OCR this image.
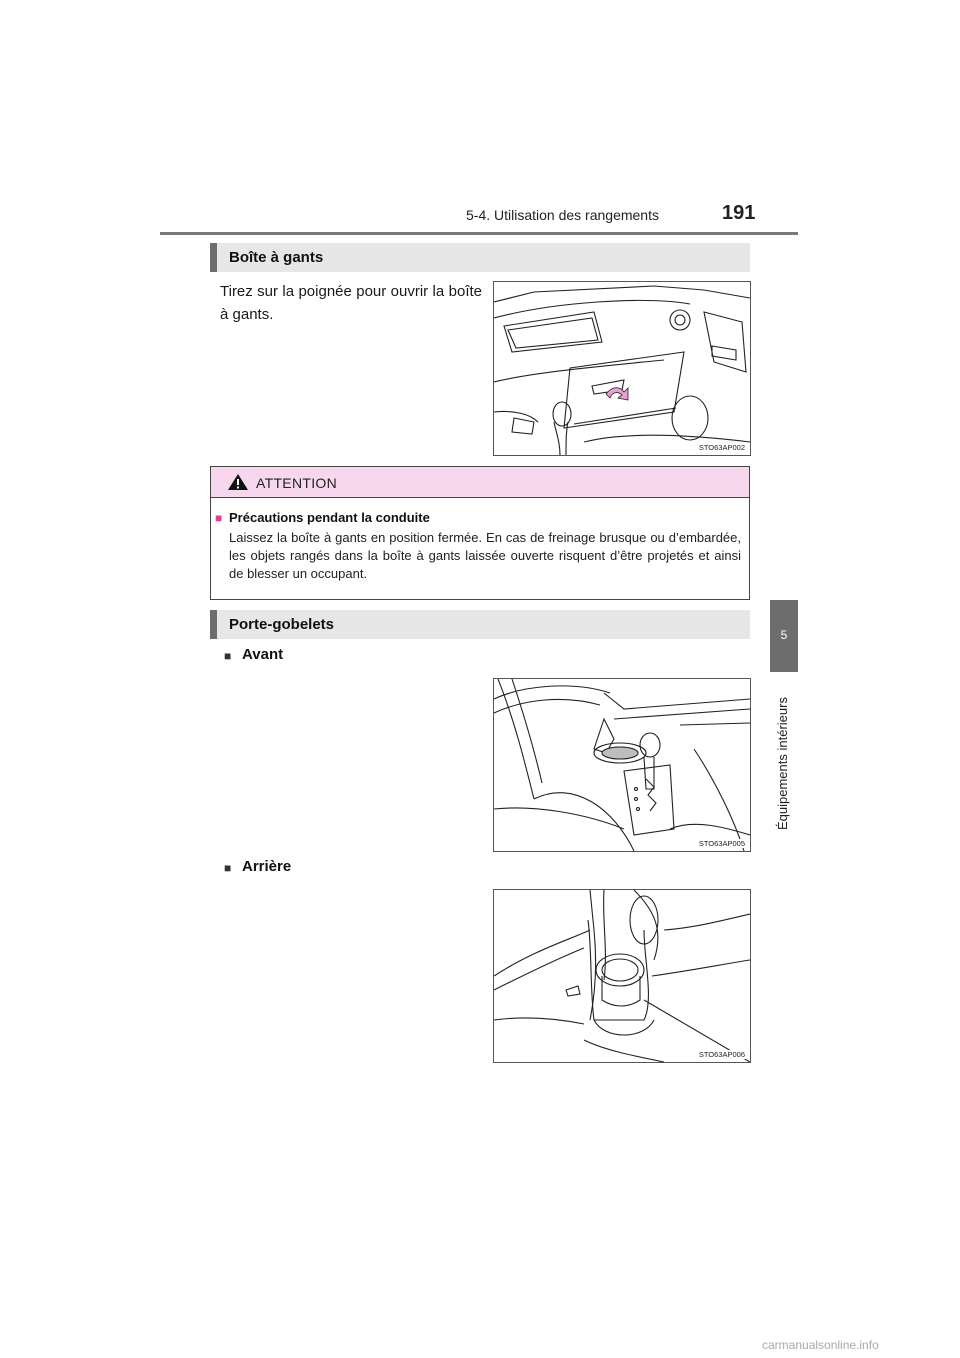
5-4. Utilisation des rangements	191
5
Équipements intérieurs
Boîte à gants
Tirez sur la poignée pour ouvrir la boîte à gants.
STO63AP002
ATTENTION
■ Précautions pendant la conduite
Laissez la boîte à gants en position fermée. En cas de freinage brusque ou d’embardée, les objets rangés dans la boîte à gants laissée ouverte risquent d’être projetés et ainsi de blesser un occupant.
Porte-gobelets
■ Avant
STO63AP005
■ Arrière
STO63AP006
carmanualsonline.info
